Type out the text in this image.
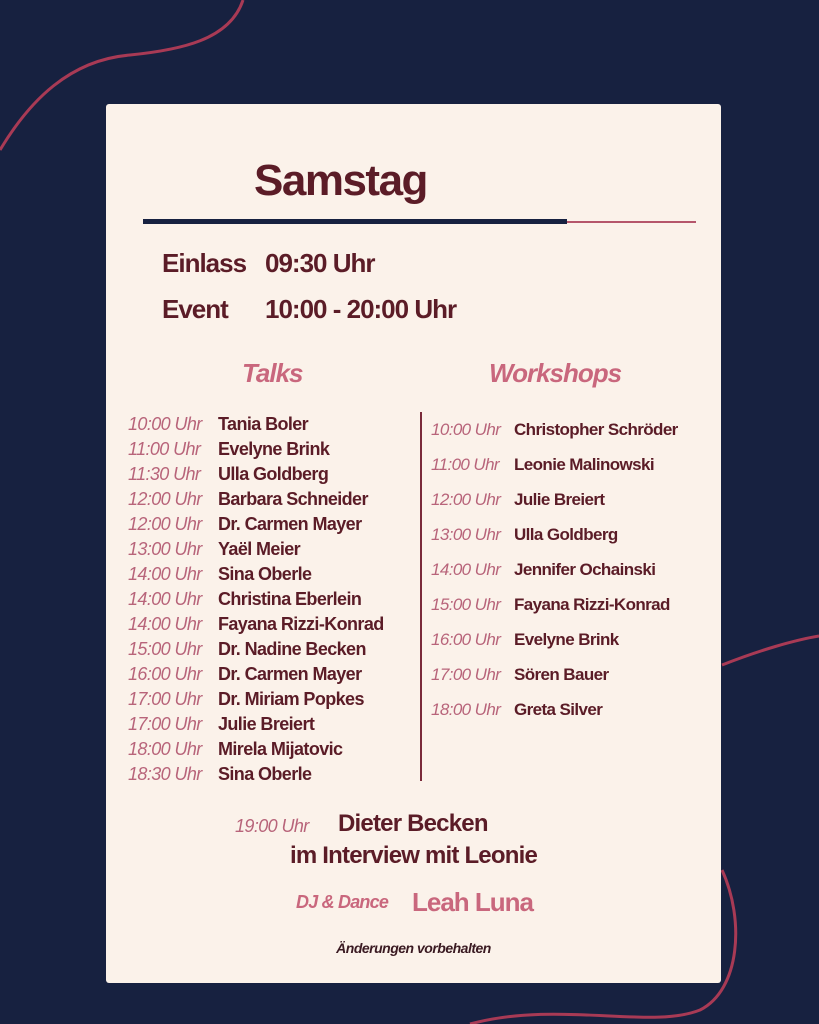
Samstag
Einlass 09:30 Uhr
Event 10:00 - 20:00 Uhr
Talks	Workshops
10:00 Uhr Tania Boler
11:00 Uhr Evelyne Brink
11:30 Uhr Ulla Goldberg
12:00 Uhr Barbara Schneider
12:00 Uhr Dr. Carmen Mayer
13:00 Uhr Yaël Meier
14:00 Uhr Sina Oberle
14:00 Uhr Christina Eberlein
14:00 Uhr Fayana Rizzi-Konrad
15:00 Uhr Dr. Nadine Becken
16:00 Uhr Dr. Carmen Mayer
17:00 Uhr Dr. Miriam Popkes
17:00 Uhr Julie Breiert
18:00 Uhr Mirela Mijatovic
18:30 Uhr Sina Oberle
10:00 Uhr Christopher Schröder
11:00 Uhr Leonie Malinowski
12:00 Uhr Julie Breiert
13:00 Uhr Ulla Goldberg
14:00 Uhr Jennifer Ochainski
15:00 Uhr Fayana Rizzi-Konrad
16:00 Uhr Evelyne Brink
17:00 Uhr Sören Bauer
18:00 Uhr Greta Silver
19:00 Uhr Dieter Becken
im Interview mit Leonie
DJ & Dance Leah Luna
Änderungen vorbehalten
